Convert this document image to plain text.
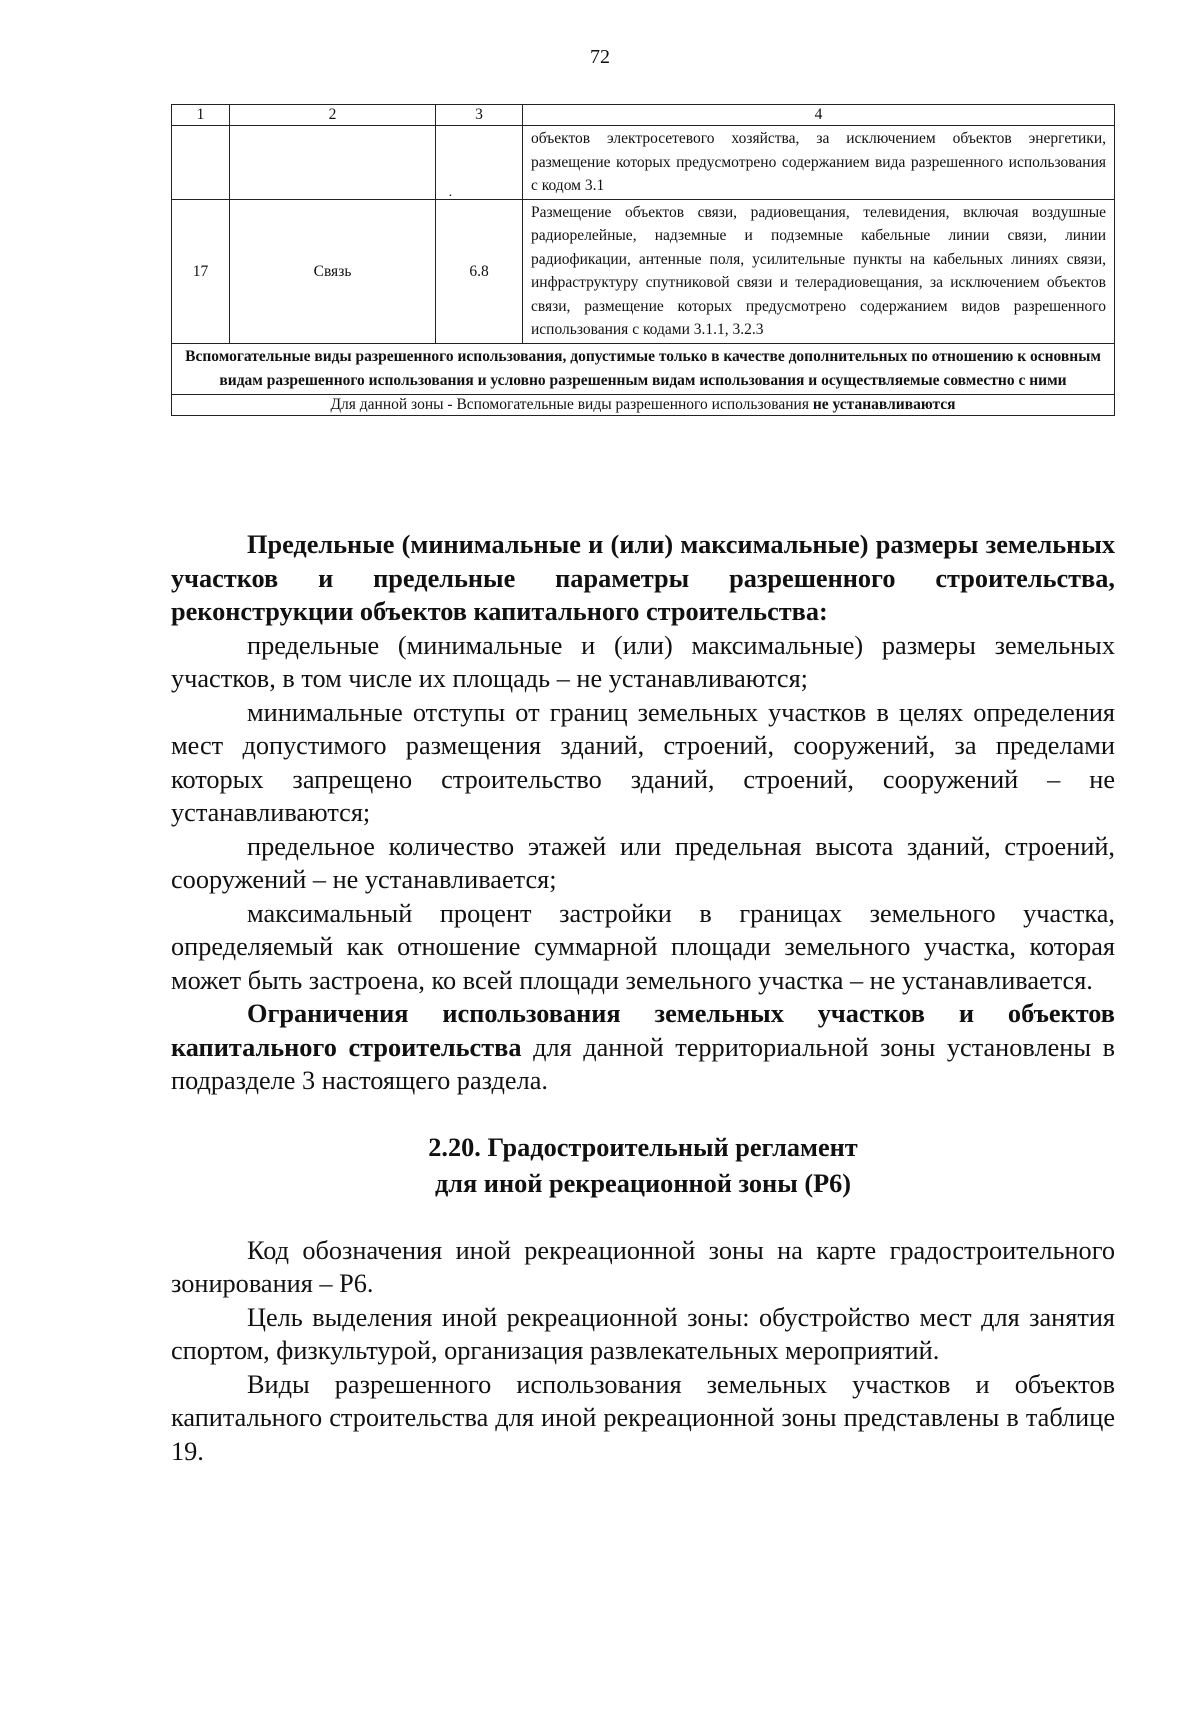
72
1	2	3	4
			объектов электросетевого хозяйства, за исключением объектов энергетики, размещение которых предусмотрено содержанием вида разрешенного использования с кодом 3.1
17	Связь	6.8	Размещение объектов связи, радиовещания, телевидения, включая воздушные радиорелейные, надземные и подземные кабельные линии связи, линии радиофикации, антенные поля, усилительные пункты на кабельных линиях связи, инфраструктуру спутниковой связи и телерадиовещания, за исключением объектов связи, размещение которых предусмотрено содержанием видов разрешенного использования с кодами 3.1.1, 3.2.3
Вспомогательные виды разрешенного использования, допустимые только в качестве дополнительных по отношению к основным видам разрешенного использования и условно разрешенным видам использования и осуществляемые совместно с ними			
Для данной зоны - Вспомогательные виды разрешенного использования не устанавливаются			
·

Предельные (минимальные и (или) максимальные) размеры земельных участков и предельные параметры разрешенного строительства, реконструкции объектов капитального строительства:

предельные (минимальные и (или) максимальные) размеры земельных участков, в том числе их площадь – не устанавливаются;

минимальные отступы от границ земельных участков в целях определения мест допустимого размещения зданий, строений, сооружений, за пределами которых запрещено строительство зданий, строений, сооружений – не устанавливаются;

предельное количество этажей или предельная высота зданий, строений, сооружений – не устанавливается;

максимальный процент застройки в границах земельного участка, определяемый как отношение суммарной площади земельного участка, которая может быть застроена, ко всей площади земельного участка – не устанавливается.

Ограничения использования земельных участков и объектов капитального строительства для данной территориальной зоны установлены в подразделе 3 настоящего раздела.

2.20. Градостроительный регламент
для иной рекреационной зоны (Р6)

Код обозначения иной рекреационной зоны на карте градостроительного зонирования – Р6.

Цель выделения иной рекреационной зоны: обустройство мест для занятия спортом, физкультурой, организация развлекательных мероприятий.

Виды разрешенного использования земельных участков и объектов капитального строительства для иной рекреационной зоны представлены в таблице 19.
